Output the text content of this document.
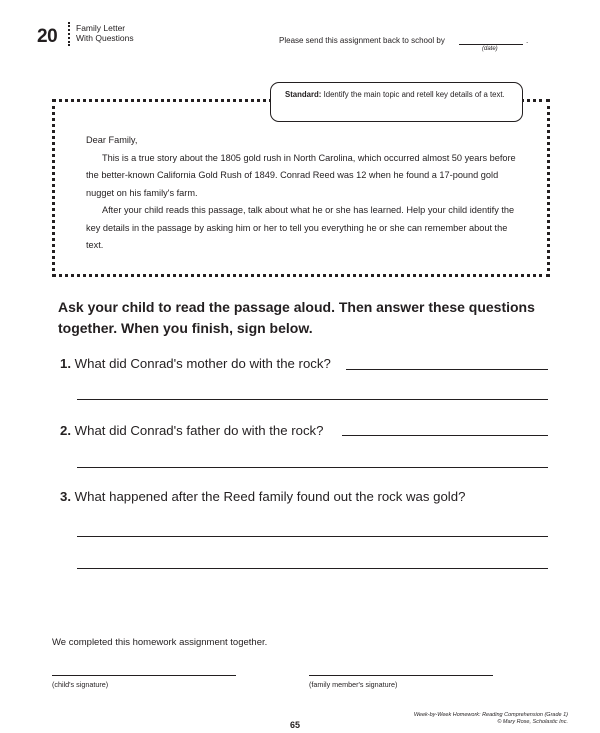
20 Family Letter
With Questions	Please send this assignment back to school by	.
(date)
Standard: Identify the main topic and retell key details of a text.

Dear Family,

This is a true story about the 1805 gold rush in North Carolina, which occurred almost 50 years before the better-known California Gold Rush of 1849. Conrad Reed was 12 when he found a 17-pound gold nugget on his family's farm.

After your child reads this passage, talk about what he or she has learned. Help your child identify the key details in the passage by asking him or her to tell you everything he or she can remember about the text.

Ask your child to read the passage aloud. Then answer these questions together. When you finish, sign below.
1. What did Conrad's mother do with the rock?
2. What did Conrad's father do with the rock?
3. What happened after the Reed family found out the rock was gold?
We completed this homework assignment together.
(child's signature)	(family member's signature)
65
Week-by-Week Homework: Reading Comprehension (Grade 1)
© Mary Rose, Scholastic Inc.
